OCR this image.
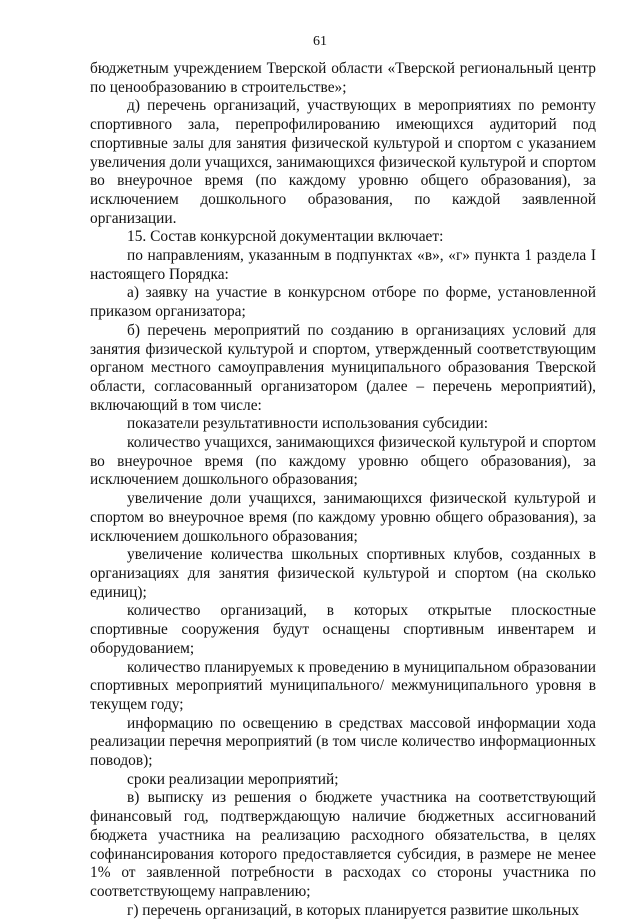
61

бюджетным учреждением Тверской области «Тверской региональный центр по ценообразованию в строительстве»;

д) перечень организаций, участвующих в мероприятиях по ремонту спортивного зала, перепрофилированию имеющихся аудиторий под спортивные залы для занятия физической культурой и спортом с указанием увеличения доли учащихся, занимающихся физической культурой и спортом во внеурочное время (по каждому уровню общего образования), за исключением дошкольного образования, по каждой заявленной организации.

15. Состав конкурсной документации включает:

по направлениям, указанным в подпунктах «в», «г» пункта 1 раздела I настоящего Порядка:

а) заявку на участие в конкурсном отборе по форме, установленной приказом организатора;

б) перечень мероприятий по созданию в организациях условий для занятия физической культурой и спортом, утвержденный соответствующим органом местного самоуправления муниципального образования Тверской области, согласованный организатором (далее – перечень мероприятий), включающий в том числе:

показатели результативности использования субсидии:

количество учащихся, занимающихся физической культурой и спортом во внеурочное время (по каждому уровню общего образования), за исключением дошкольного образования;

увеличение доли учащихся, занимающихся физической культурой и спортом во внеурочное время (по каждому уровню общего образования), за исключением дошкольного образования;

увеличение количества школьных спортивных клубов, созданных в организациях для занятия физической культурой и спортом (на сколько единиц);

количество организаций, в которых открытые плоскостные спортивные сооружения будут оснащены спортивным инвентарем и оборудованием;

количество планируемых к проведению в муниципальном образовании спортивных мероприятий муниципального/ межмуниципального уровня в текущем году;

информацию по освещению в средствах массовой информации хода реализации перечня мероприятий (в том числе количество информационных поводов);

сроки реализации мероприятий;

в) выписку из решения о бюджете участника на соответствующий финансовый год, подтверждающую наличие бюджетных ассигнований бюджета участника на реализацию расходного обязательства, в целях софинансирования которого предоставляется субсидия, в размере не менее 1% от заявленной потребности в расходах со стороны участника по соответствующему направлению;

г) перечень организаций, в которых планируется развитие школьных
